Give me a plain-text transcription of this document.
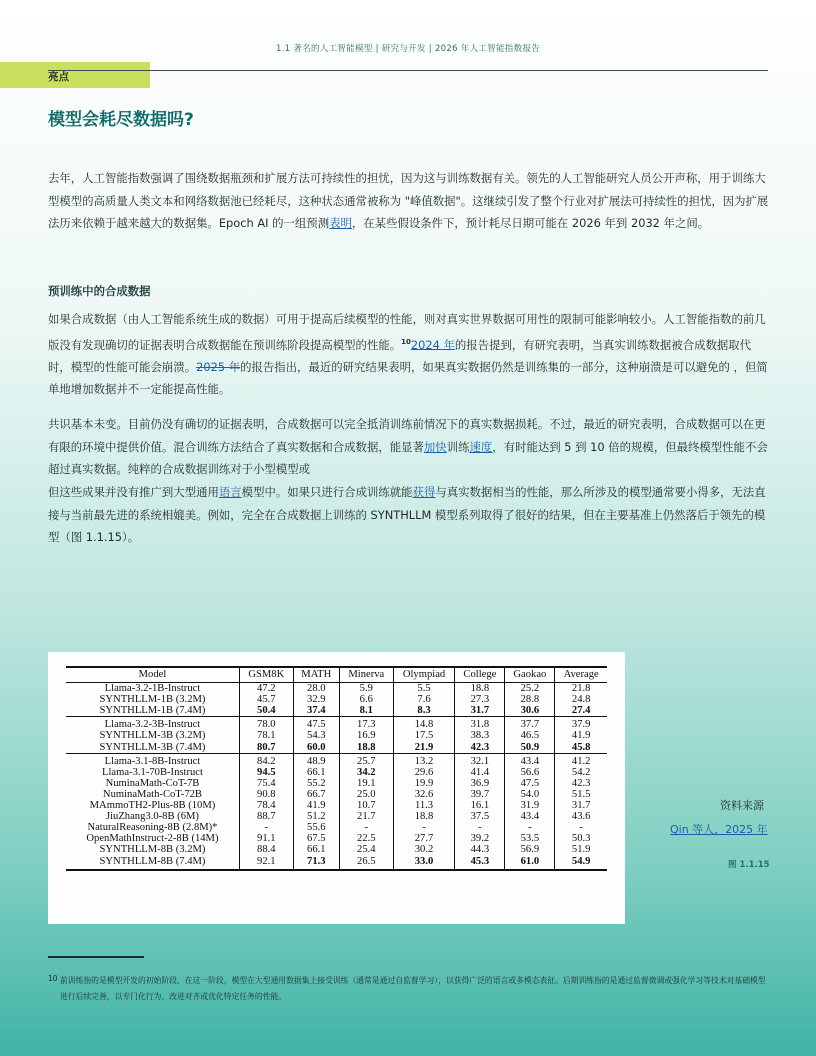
1.1 著名的人工智能模型 | 研究与开发 | 2026 年人工智能指数报告
亮点
模型会耗尽数据吗?

去年，人工智能指数强调了围绕数据瓶颈和扩展方法可持续性的担忧，因为这与训练数据有关。领先的人工智能研究人员公开声称，用于训练大型模型的高质量人类文本和网络数据池已经耗尽，这种状态通常被称为 "峰值数据"。这继续引发了整个行业对扩展法可持续性的担忧，因为扩展法历来依赖于越来越大的数据集。Epoch AI 的一组预测表明，在某些假设条件下，预计耗尽日期可能在 2026 年到 2032 年之间。

预训练中的合成数据

如果合成数据（由人工智能系统生成的数据）可用于提高后续模型的性能，则对真实世界数据可用性的限制可能影响较小。人工智能指数的前几版没有发现确切的证据表明合成数据能在预训练阶段提高模型的性能。$^{10}$2024 年的报告提到，有研究表明，当真实训练数据被合成数据取代时，模型的性能可能会崩溃。2025 年的报告指出，最近的研究结果表明，如果真实数据仍然是训练集的一部分，这种崩溃是可以避免的 ，但简单地增加数据并不一定能提高性能。

共识基本未变。目前仍没有确切的证据表明，合成数据可以完全抵消训练前情况下的真实数据损耗。不过，最近的研究表明，合成数据可以在更有限的环境中提供价值。混合训练方法结合了真实数据和合成数据，能显著加快训练速度，有时能达到 5 到 10 倍的规模，但最终模型性能不会超过真实数据。纯粹的合成数据训练对于小型模型或

但这些成果并没有推广到大型通用语言模型中。如果只进行合成训练就能获得与真实数据相当的性能，那么所涉及的模型通常要小得多，无法直接与当前最先进的系统相媲美。例如，完全在合成数据上训练的 SYNTHLLM 模型系列取得了很好的结果，但在主要基准上仍然落后于领先的模型（图 1.1.15）。

Model	GSM8K	MATH	Minerva	Olympiad	College	Gaokao	Average
Llama-3.2-1B-Instruct	47.2	28.0	5.9	5.5	18.8	25.2	21.8
SYNTHLLM-1B (3.2M)	45.7	32.9	6.6	7.6	27.3	28.8	24.8
SYNTHLLM-1B (7.4M)	50.4	37.4	8.1	8.3	31.7	30.6	27.4
Llama-3.2-3B-Instruct	78.0	47.5	17.3	14.8	31.8	37.7	37.9
SYNTHLLM-3B (3.2M)	78.1	54.3	16.9	17.5	38.3	46.5	41.9
SYNTHLLM-3B (7.4M)	80.7	60.0	18.8	21.9	42.3	50.9	45.8
Llama-3.1-8B-Instruct	84.2	48.9	25.7	13.2	32.1	43.4	41.2
Llama-3.1-70B-Instruct	94.5	66.1	34.2	29.6	41.4	56.6	54.2
NuminaMath-CoT-7B	75.4	55.2	19.1	19.9	36.9	47.5	42.3
NuminaMath-CoT-72B	90.8	66.7	25.0	32.6	39.7	54.0	51.5
MAmmoTH2-Plus-8B (10M)	78.4	41.9	10.7	11.3	16.1	31.9	31.7
JiuZhang3.0-8B (6M)	88.7	51.2	21.7	18.8	37.5	43.4	43.6
NaturalReasoning-8B (2.8M)*	-	55.6	-	-	-	-	-
OpenMathInstruct-2-8B (14M)	91.1	67.5	22.5	27.7	39.2	53.5	50.3
SYNTHLLM-8B (3.2M)	88.4	66.1	25.4	30.2	44.3	56.9	51.9
SYNTHLLM-8B (7.4M)	92.1	71.3	26.5	33.0	45.3	61.0	54.9
资料来源
Qin 等人，2025 年
图 1.1.15
10 前训练指的是模型开发的初始阶段，在这一阶段，模型在大型通用数据集上接受训练（通常是通过自监督学习），以获得广泛的语言或多模态表征。后期训练指的是通过监督微调或强化学习等技术对基础模型进行后续完善，以专门化行为、改进对齐或优化特定任务的性能。
